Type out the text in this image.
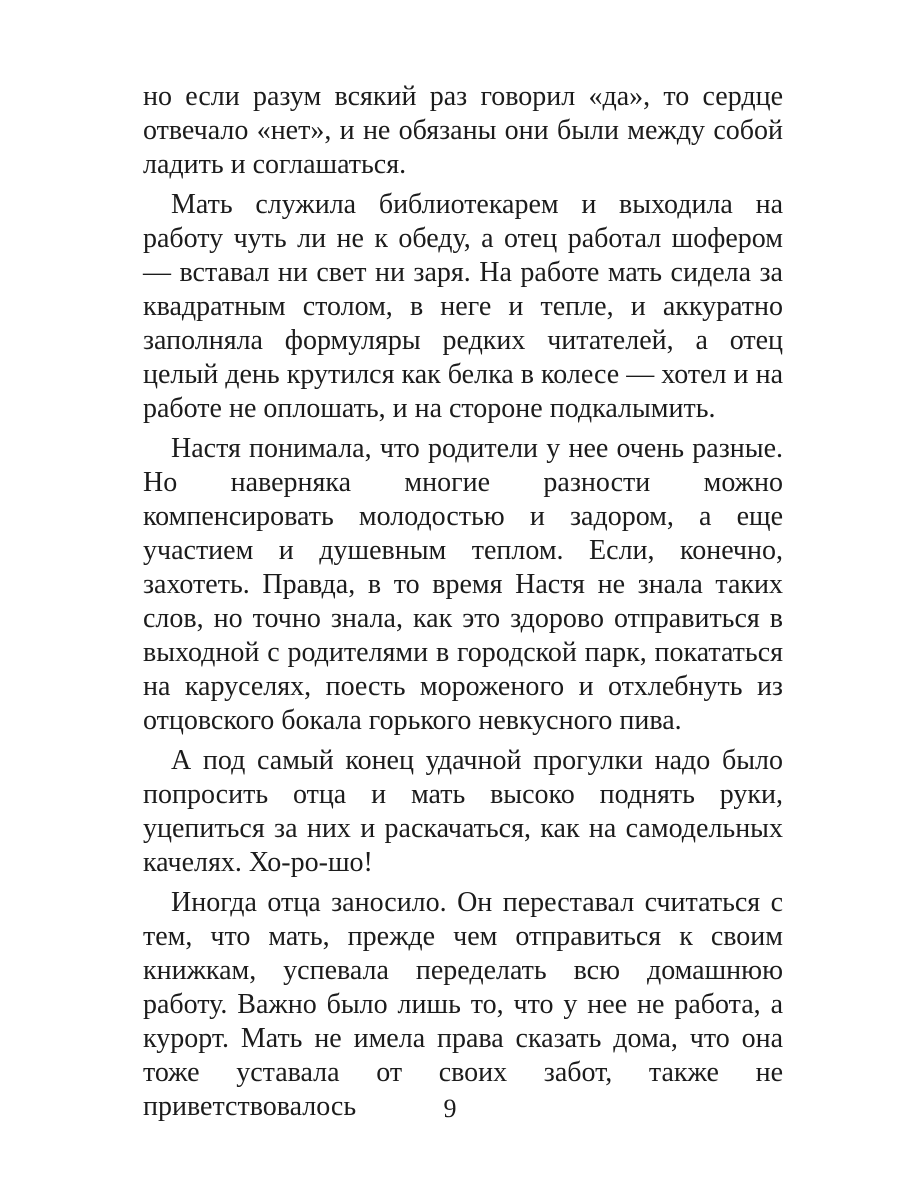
но если разум всякий раз говорил «да», то сердце отвечало «нет», и не обязаны они были между собой ладить и соглашаться.

Мать служила библиотекарем и выходила на работу чуть ли не к обеду, а отец работал шофером — вставал ни свет ни заря. На работе мать сидела за квадратным столом, в неге и тепле, и аккуратно заполняла формуляры редких читателей, а отец целый день крутился как белка в колесе — хотел и на работе не оплошать, и на стороне подкалымить.

Настя понимала, что родители у нее очень разные. Но наверняка многие разности можно компенсировать молодостью и задором, а еще участием и душевным теплом. Если, конечно, захотеть. Правда, в то время Настя не знала таких слов, но точно знала, как это здорово отправиться в выходной с родителями в городской парк, покататься на каруселях, поесть мороженого и отхлебнуть из отцовского бокала горького невкусного пива.

А под самый конец удачной прогулки надо было попросить отца и мать высоко поднять руки, уцепиться за них и раскачаться, как на самодельных качелях. Хо-ро-шо!

Иногда отца заносило. Он переставал считаться с тем, что мать, прежде чем отправиться к своим книжкам, успевала переделать всю домашнюю работу. Важно было лишь то, что у нее не работа, а курорт. Мать не имела права сказать дома, что она тоже уставала от своих забот, также не приветствовалось	9
